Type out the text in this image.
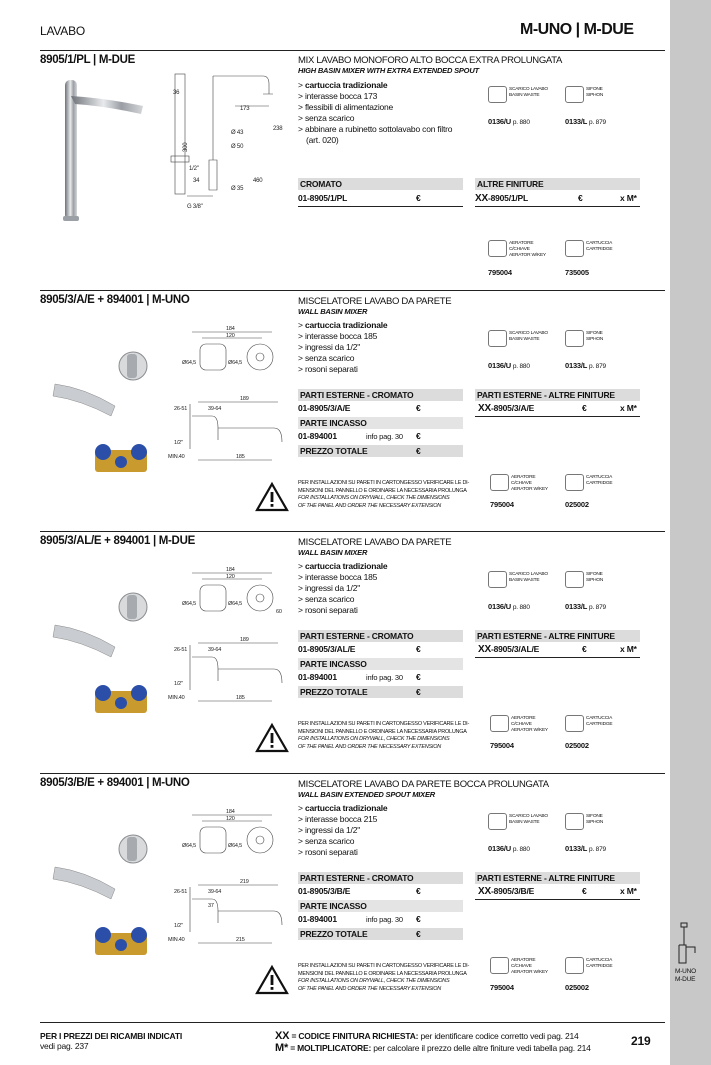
M-UNO
M-DUE
LAVABO	M-UNO | M-DUE
8905/1/PL | M-DUE	MIX LAVABO MONOFORO ALTO BOCCA EXTRA PROLUNGATA
HIGH BASIN MIXER WITH EXTRA EXTENDED SPOUT
> cartuccia tradizionale
> interasse bocca 173
> flessibili di alimentazione
> senza scarico
> abbinare a rubinetto sottolavabo con filtro
(art. 020)
36
173
300
238
Ø 43
Ø 50
Ø 35
460
1/2"
G 3/8"
34
SCARICO LAVABO
BASIN WASTE
0136/U p. 880
SIFONE
SIPHON
0133/L p. 879
CROMATO	ALTRE FINITURE
01-8905/1/PL	€	XX-8905/1/PL	€	x M*
AERATORE C/CHIAVE
AERATOR W/KEY
795004
CARTUCCIA
CARTRIDGE
735005
8905/3/A/E + 894001 | M-UNO	MISCELATORE LAVABO DA PARETE
WALL BASIN MIXER
> cartuccia tradizionale
> interasse bocca 185
> ingressi da 1/2"
> senza scarico
> rosoni separati
184
120
Ø64,5	Ø64,5
189
26-51	39-64
1/2"
MIN.40	185
SCARICO LAVABO
BASIN WASTE
0136/U p. 880
SIFONE
SIPHON
0133/L p. 879
PARTI ESTERNE - CROMATO	PARTI ESTERNE - ALTRE FINITURE
01-8905/3/A/E	€	XX-8905/3/A/E	€	x M*
PARTE INCASSO
01-894001	info pag. 30 €
PREZZO TOTALE	€
PER INSTALLAZIONI SU PARETI IN CARTONGESSO VERIFICARE LE DI-
MENSIONI DEL PANNELLO E ORDINARE LA NECESSARIA PROLUNGA
FOR INSTALLATIONS ON DRYWALL, CHECK THE DIMENSIONS
OF THE PANEL AND ORDER THE NECESSARY EXTENSION
AERATORE C/CHIAVE
AERATOR W/KEY
795004
CARTUCCIA
CARTRIDGE
025002
8905/3/AL/E + 894001 | M-DUE	MISCELATORE LAVABO DA PARETE
WALL BASIN MIXER
> cartuccia tradizionale
> interasse bocca 185
> ingressi da 1/2"
> senza scarico
> rosoni separati
184
120
Ø64,5	Ø64,5
189
26-51	39-64
1/2"
MIN.40	185
60
SCARICO LAVABO
BASIN WASTE
0136/U p. 880
SIFONE
SIPHON
0133/L p. 879
PARTI ESTERNE - CROMATO	PARTI ESTERNE - ALTRE FINITURE
01-8905/3/AL/E	€	XX-8905/3/AL/E	€	x M*
PARTE INCASSO
01-894001	info pag. 30 €
PREZZO TOTALE	€
PER INSTALLAZIONI SU PARETI IN CARTONGESSO VERIFICARE LE DI-
MENSIONI DEL PANNELLO E ORDINARE LA NECESSARIA PROLUNGA
FOR INSTALLATIONS ON DRYWALL, CHECK THE DIMENSIONS
OF THE PANEL AND ORDER THE NECESSARY EXTENSION
AERATORE C/CHIAVE
AERATOR W/KEY
795004
CARTUCCIA
CARTRIDGE
025002
8905/3/B/E + 894001 | M-UNO	MISCELATORE LAVABO DA PARETE BOCCA PROLUNGATA
WALL BASIN EXTENDED SPOUT MIXER
> cartuccia tradizionale
> interasse bocca 215
> ingressi da 1/2"
> senza scarico
> rosoni separati
184
120
Ø64,5	Ø64,5
219
26-51	39-64
1/2"
MIN.40	215
37
SCARICO LAVABO
BASIN WASTE
0136/U p. 880
SIFONE
SIPHON
0133/L p. 879
PARTI ESTERNE - CROMATO	PARTI ESTERNE - ALTRE FINITURE
01-8905/3/B/E	€	XX-8905/3/B/E	€	x M*
PARTE INCASSO
01-894001	info pag. 30 €
PREZZO TOTALE	€
PER INSTALLAZIONI SU PARETI IN CARTONGESSO VERIFICARE LE DI-
MENSIONI DEL PANNELLO E ORDINARE LA NECESSARIA PROLUNGA
FOR INSTALLATIONS ON DRYWALL, CHECK THE DIMENSIONS
OF THE PANEL AND ORDER THE NECESSARY EXTENSION
AERATORE C/CHIAVE
AERATOR W/KEY
795004
CARTUCCIA
CARTRIDGE
025002
PER I PREZZI DEI RICAMBI INDICATI
vedi pag. 237
XX = CODICE FINITURA RICHIESTA: per identificare codice corretto vedi pag. 214
M* = MOLTIPLICATORE: per calcolare il prezzo delle altre finiture vedi tabella pag. 214	219
